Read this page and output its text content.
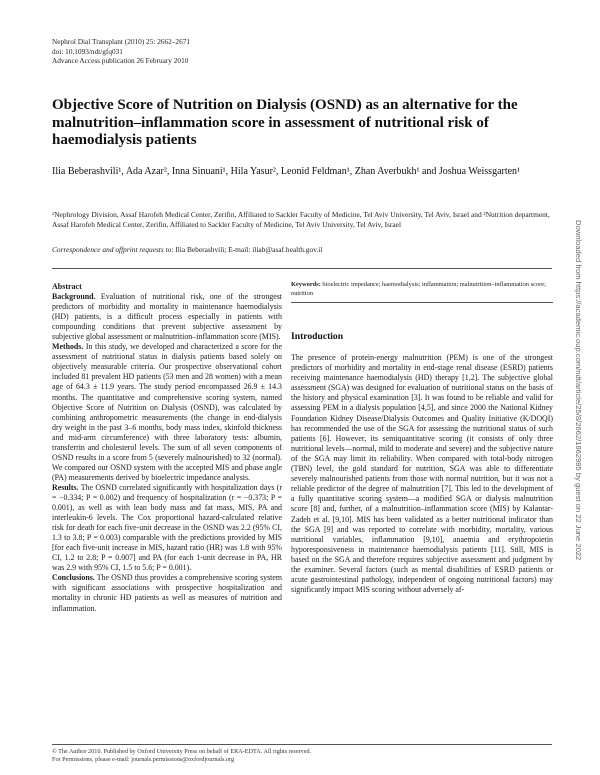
Nephrol Dial Transplant (2010) 25: 2662–2671
doi: 10.1093/ndt/gfq031
Advance Access publication 26 February 2010
Objective Score of Nutrition on Dialysis (OSND) as an alternative for the malnutrition–inflammation score in assessment of nutritional risk of haemodialysis patients
Ilia Beberashvili¹, Ada Azar², Inna Sinuani¹, Hila Yasur², Leonid Feldman¹, Zhan Averbukh¹ and Joshua Weissgarten¹
¹Nephrology Division, Assaf Harofeh Medical Center, Zerifin, Affiliated to Sackler Faculty of Medicine, Tel Aviv University, Tel Aviv, Israel and ²Nutrition department, Assaf Harofeh Medical Center, Zerifin, Affiliated to Sackler Faculty of Medicine, Tel Aviv University, Tel Aviv, Israel
Correspondence and offprint requests to: Ilia Beberashvili; E-mail: iliab@asaf.health.gov.il
Abstract

Background. Evaluation of nutritional risk, one of the strongest predictors of morbidity and mortality in maintenance haemodialysis (HD) patients, is a difficult process especially in patients with compounding conditions that prevent subjective assessment by subjective global assessment or malnutrition–inflammation score (MIS).

Methods. In this study, we developed and characterized a score for the assessment of nutritional status in dialysis patients based solely on objectively measurable criteria. Our prospective observational cohort included 81 prevalent HD patients (53 men and 28 women) with a mean age of 64.3 ± 11.9 years. The study period encompassed 26.9 ± 14.3 months. The quantitative and comprehensive scoring system, named Objective Score of Nutrition on Dialysis (OSND), was calculated by combining anthropometric measurements (the change in end-dialysis dry weight in the past 3–6 months, body mass index, skinfold thickness and mid-arm circumference) with three laboratory tests: albumin, transferrin and cholesterol levels. The sum of all seven components of OSND results in a score from 5 (severely malnourished) to 32 (normal). We compared our OSND system with the accepted MIS and phase angle (PA) measurements derived by bioelectric impedance analysis.

Results. The OSND correlated significantly with hospitalization days (r = −0.334; P = 0.002) and frequency of hospitalization (r = −0.373; P = 0.001), as well as with lean body mass and fat mass, MIS, PA and interleukin-6 levels. The Cox proportional hazard-calculated relative risk for death for each five-unit decrease in the OSND was 2.2 (95% CI, 1.3 to 3.8; P = 0.003) comparable with the predictions provided by MIS [for each five-unit increase in MIS, hazard ratio (HR) was 1.8 with 95% CI, 1.2 to 2.8; P = 0.007] and PA (for each 1-unit decrease in PA, HR was 2.9 with 95% CI, 1.5 to 5.6; P = 0.001).

Conclusions. The OSND thus provides a comprehensive scoring system with significant associations with prospective hospitalization and mortality in chronic HD patients as well as measures of nutrition and inflammation.

Keywords: bioelectric impedance; haemodialysis; inflammation; malnutrition–inflammation score; nutrition
Introduction

The presence of protein-energy malnutrition (PEM) is one of the strongest predictors of morbidity and mortality in end-stage renal disease (ESRD) patients receiving maintenance haemodialysis (HD) therapy [1,2]. The subjective global assessment (SGA) was designed for evaluation of nutritional status on the basis of the history and physical examination [3]. It was found to be reliable and valid for assessing PEM in a dialysis population [4,5], and since 2000 the National Kidney Foundation Kidney Disease/Dialysis Outcomes and Quality Initiative (K/DOQI) has recommended the use of the SGA for assessing the nutritional status of such patients [6]. However, its semiquantitative scoring (it consists of only three nutritional levels—normal, mild to moderate and severe) and the subjective nature of the SGA may limit its reliability. When compared with total-body nitrogen (TBN) level, the gold standard for nutrition, SGA was able to differentiate severely malnourished patients from those with normal nutrition, but it was not a reliable predictor of the degree of malnutrition [7]. This led to the development of a fully quantitative scoring system—a modified SGA or dialysis malnutrition score [8] and, further, of a malnutrition–inflammation score (MIS) by Kalantar-Zadeh et al. [9,10]. MIS has been validated as a better nutritional indicator than the SGA [9] and was reported to correlate with morbidity, mortality, various nutritional variables, inflammation [9,10], anaemia and erythropoietin hyporesponsiveness in maintenance haemodialysis patients [11]. Still, MIS is based on the SGA and therefore requires subjective assessment and judgment by the examiner. Several factors (such as mental disabilities of ESRD patients or acute gastrointestinal pathology, independent of ongoing nutritional factors) may significantly impact MIS scoring without adversely af-

© The Author 2010. Published by Oxford University Press on behalf of ERA-EDTA. All rights reserved.
For Permissions, please e-mail: journals.permissions@oxfordjournals.org
Downloaded from https://academic.oup.com/ndt/article/25/8/2662/1862985 by guest on 22 June 2022
